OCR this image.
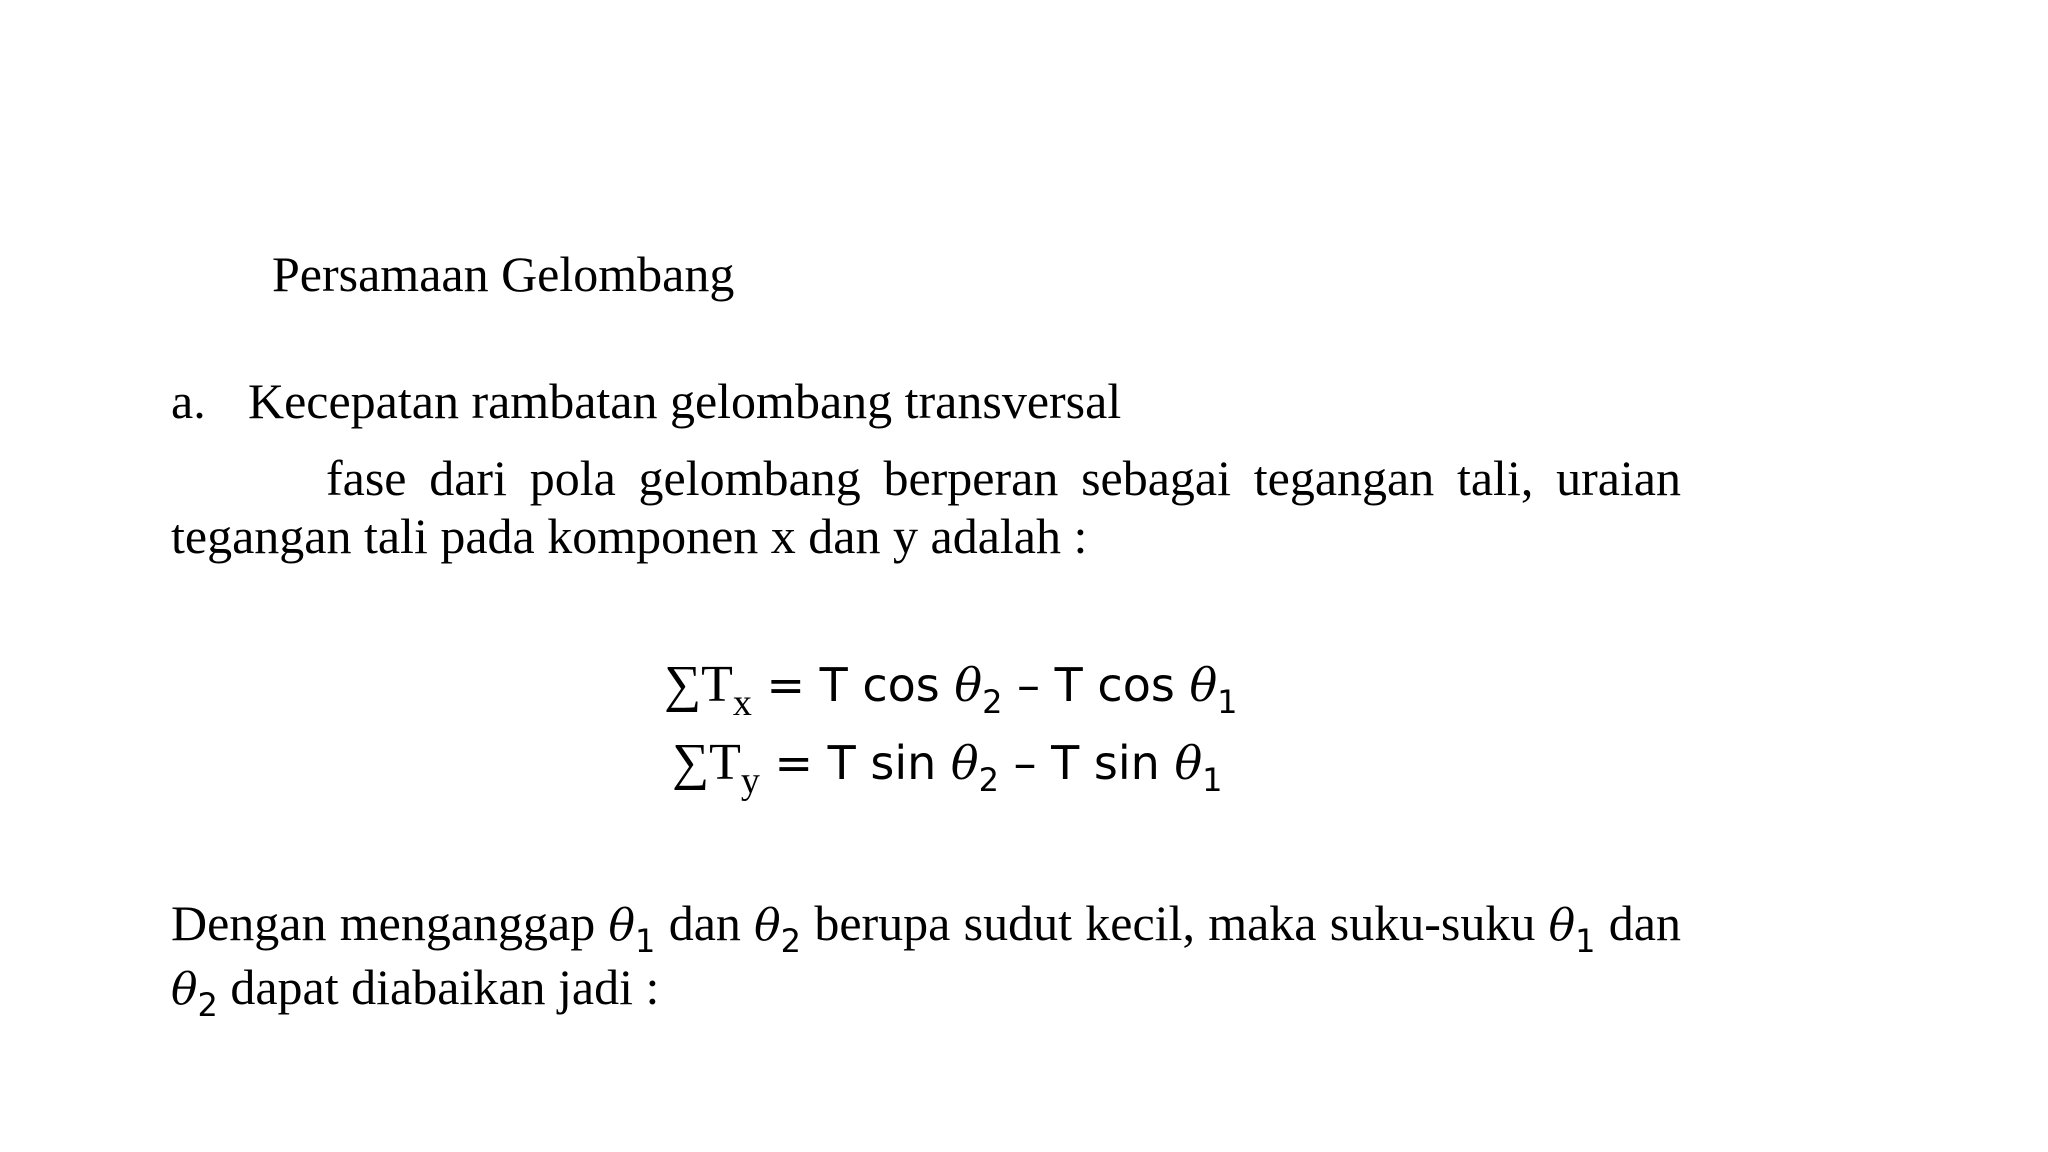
Persamaan Gelombang
a. Kecepatan rambatan gelombang transversal
fase dari pola gelombang berperan sebagai tegangan tali, uraian tegangan tali pada komponen x dan y adalah :
$\sum T_x = T$ $\cos \theta_2$ – T $\cos \theta_1$
$\sum T_y = T$ $\sin \theta_2$ – T $\sin \theta_1$
Dengan menganggap $\theta_1$ dan $\theta_2$ berupa sudut kecil, maka suku-suku $\theta_1$ dan $\theta_2$ dapat diabaikan jadi :
